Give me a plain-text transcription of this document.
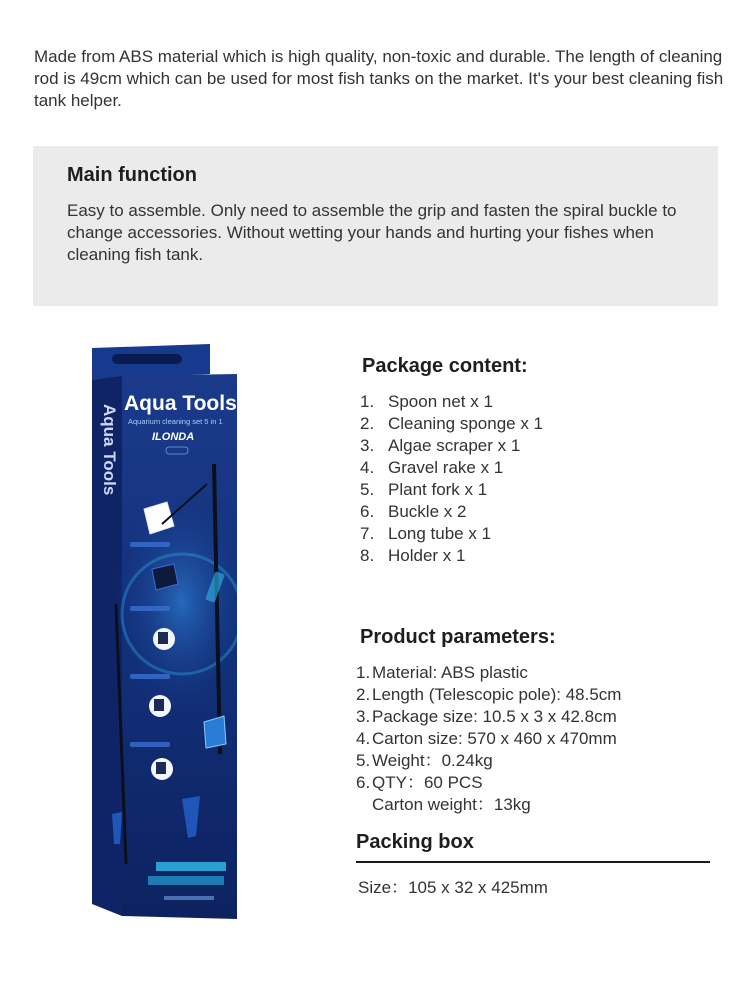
Made from ABS material which is high quality, non-toxic and durable. The length of cleaning rod is 49cm which can be used for most fish tanks on the market. It's your best cleaning fish tank helper.

Main function
Easy to assemble. Only need to assemble the grip and fasten the spiral buckle to change accessories. Without wetting your hands and hurting your fishes when cleaning fish tank.
Aqua Tools
Aqua Tools
Aquarium cleaning set 5 in 1
ILONDA
Package content:
1. Spoon net x 1
2. Cleaning sponge x 1
3. Algae scraper x 1
4. Gravel rake x 1
5. Plant fork x 1
6. Buckle x 2
7. Long tube x 1
8. Holder x 1
Product parameters:
1. Material: ABS plastic
2. Length (Telescopic pole): 48.5cm
3. Package size: 10.5 x 3 x 42.8cm
4. Carton size: 570 x 460 x 470mm
5. Weight：0.24kg
6. QTY：60 PCS
Carton weight：13kg
Packing box
Size：105 x 32 x 425mm
